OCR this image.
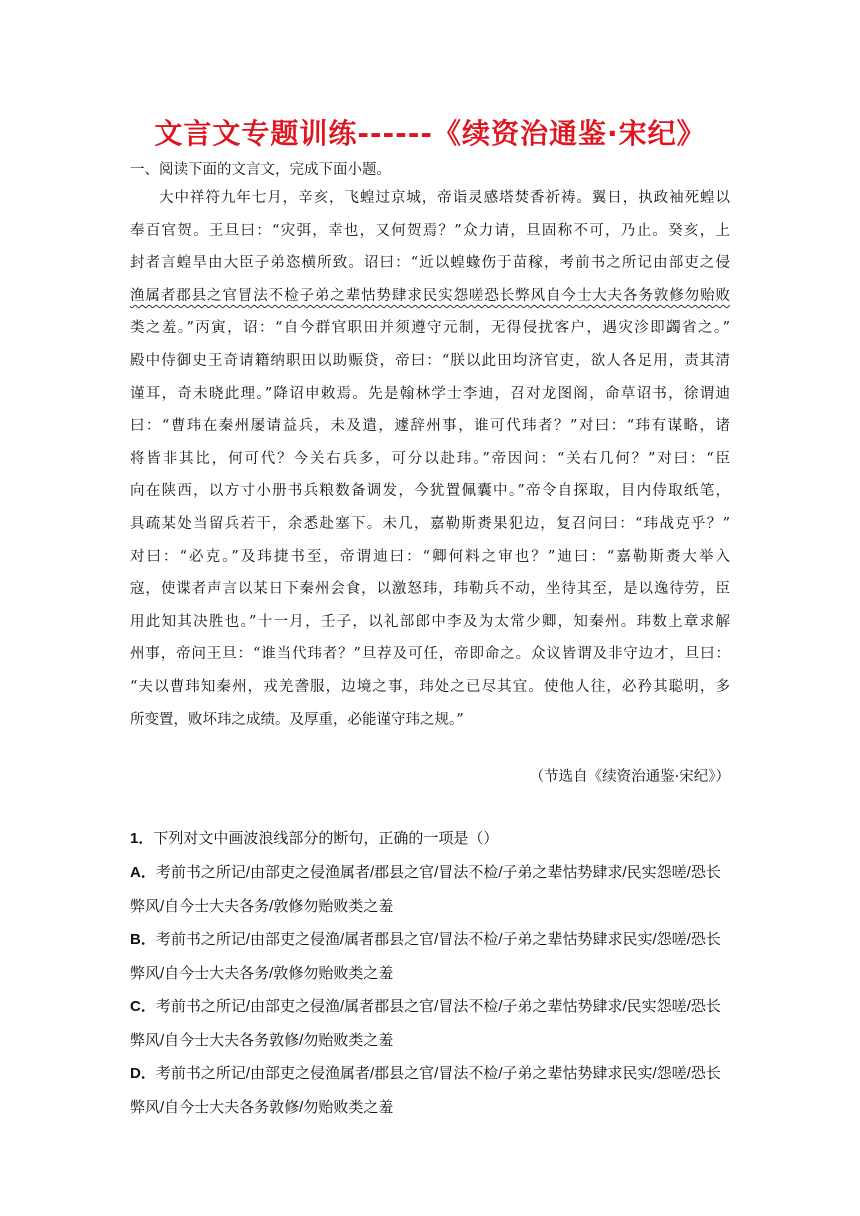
文言文专题训练------《续资治通鉴·宋纪》
一、阅读下面的文言文，完成下面小题。
大中祥符九年七月，辛亥，飞蝗过京城，帝诣灵感塔焚香祈祷。翼日，执政袖死蝗以
奉百官贺。王旦曰：“灾弭，幸也，又何贺焉？”众力请，旦固称不可，乃止。癸亥，上
封者言蝗旱由大臣子弟恣横所致。诏曰：“近以蝗蝝伤于苗稼，考前书之所记由部吏之侵
渔属者郡县之官冒法不检子弟之辈怙势肆求民实怨嗟恐长弊风自今士大夫各务敦修勿贻败
类之羞。”丙寅，诏：“自今群官职田并须遵守元制，无得侵扰客户，遇灾沴即蠲省之。”
殿中侍御史王奇请籍纳职田以助赈贷，帝曰：“朕以此田均济官吏，欲人各足用，责其清
谨耳，奇未晓此理。”降诏申敕焉。先是翰林学士李迪，召对龙图阁，命草诏书，徐谓迪
曰：“曹玮在秦州屡请益兵，未及遣，遽辞州事，谁可代玮者？”对曰：“玮有谋略，诸
将皆非其比，何可代？今关右兵多，可分以赴玮。”帝因问：“关右几何？”对曰：“臣
向在陕西，以方寸小册书兵粮数备调发，今犹置佩囊中。”帝令自探取，目内侍取纸笔，
具疏某处当留兵若干，余悉赴塞下。未几，嘉勒斯赉果犯边，复召问曰：“玮战克乎？”
对曰：“必克。”及玮捷书至，帝谓迪曰：“卿何料之审也？”迪曰：“嘉勒斯赉大举入
寇，使谍者声言以某日下秦州会食，以激怒玮，玮勒兵不动，坐待其至，是以逸待劳，臣
用此知其决胜也。”十一月，壬子，以礼部郎中李及为太常少卿，知秦州。玮数上章求解
州事，帝问王旦：“谁当代玮者？”旦荐及可任，帝即命之。众议皆谓及非守边才，旦曰：
“夫以曹玮知秦州，戎羌詟服，边境之事，玮处之已尽其宜。使他人往，必矜其聪明，多
所变置，败坏玮之成绩。及厚重，必能谨守玮之规。”
（节选自《续资治通鉴·宋纪》）
1．下列对文中画波浪线部分的断句，正确的一项是（）
A．考前书之所记/由部吏之侵渔属者/郡县之官/冒法不检/子弟之辈怙势肆求/民实怨嗟/恐长
弊风/自今士大夫各务/敦修勿贻败类之羞
B．考前书之所记/由部吏之侵渔/属者郡县之官/冒法不检/子弟之辈怙势肆求民实/怨嗟/恐长
弊风/自今士大夫各务/敦修勿贻败类之羞
C．考前书之所记/由部吏之侵渔/属者郡县之官/冒法不检/子弟之辈怙势肆求/民实怨嗟/恐长
弊风/自今士大夫各务敦修/勿贻败类之羞
D．考前书之所记/由部吏之侵渔属者/郡县之官/冒法不检/子弟之辈怙势肆求民实/怨嗟/恐长
弊风/自今士大夫各务敦修/勿贻败类之羞
